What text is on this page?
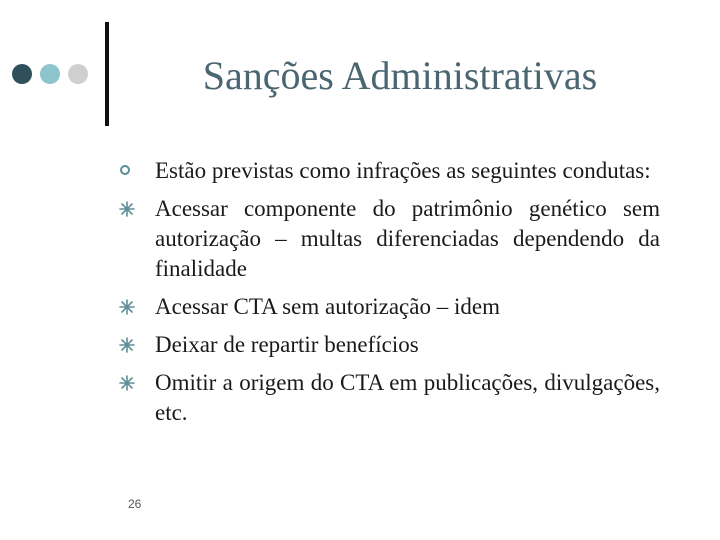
Sanções Administrativas
Estão previstas como infrações as seguintes condutas:
Acessar componente do patrimônio genético sem autorização – multas diferenciadas dependendo da finalidade
Acessar CTA sem autorização – idem
Deixar de repartir benefícios
Omitir a origem do CTA em publicações, divulgações, etc.
26
